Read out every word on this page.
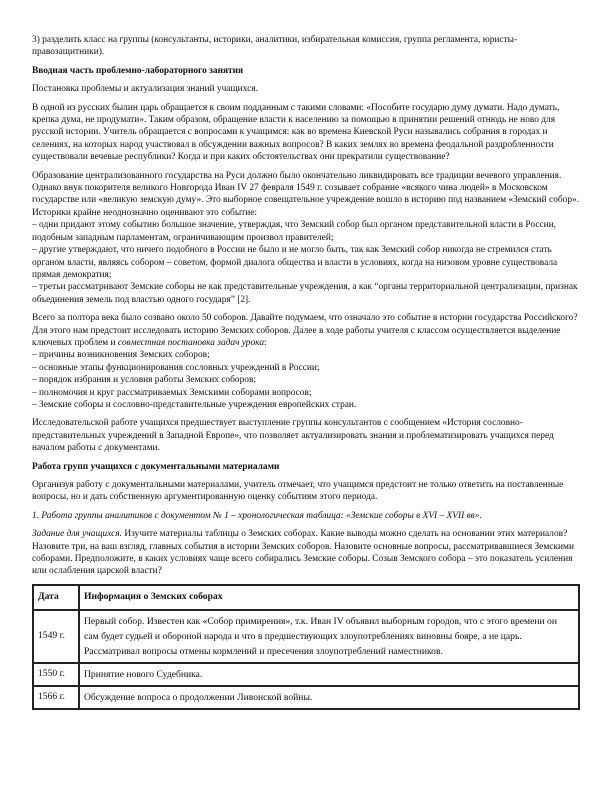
3) разделить класс на группы (консультанты, историки, аналитики, избирательная комиссия, группа регламента, юристы-правозащитники).

Вводная часть проблемно-лабораторного занятия

Постановка проблемы и актуализация знаний учащихся.

В одной из русских былин царь обращается к своим подданным с такими словами: «Пособите государю думу думати. Надо думать, крепка дума, не продумати». Таким образом, обращение власти к населению за помощью в принятии решений отнюдь не ново для русской истории. Учитель обращается с вопросами к учащимся: как во времена Киевской Руси назывались собрания в городах и селениях, на которых народ участвовал в обсуждении важных вопросов? В каких землях во времена феодальной раздробленности существовали вечевые республики? Когда и при каких обстоятельствах они прекратили существование?

Образование централизованного государства на Руси должно было окончательно ликвидировать все традиции вечевого управления. Однако внук покорителя великого Новгорода Иван IV 27 февраля 1549 г. созывает собрание «всякого чина людей» в Московском государстве или «великую земскую думу». Это выборное совещательное учреждение вошло в историю под названием «Земский собор». Историки крайне неоднозначно оценивают это событие:

– одни придают этому событию большое значение, утверждая, что Земский собор был органом представительной власти в России, подобным западным парламентам, ограничивающим произвол правителей;
– другие утверждают, что ничего подобного в России не было и не могло быть, так как Земский собор никогда не стремился стать органом власти, являясь собором – советом, формой диалога общества и власти в условиях, когда на низовом уровне существовала прямая демократия;
– третьи рассматривают Земские соборы не как представительные учреждения, а как “органы территориальной централизации, признак объединения земель под властью одного государя” [2].

Всего за полтора века было созвано около 50 соборов. Давайте подумаем, что означало это событие в истории государства Российского? Для этого нам предстоит исследовать историю Земских соборов. Далее в ходе работы учителя с классом осуществляется выделение ключевых проблем и совместная постановка задач урока:

– причины возникновения Земских соборов;
– основные этапы функционирования сословных учреждений в России;
– порядок избрания и условия работы Земских соборов;
– полномочия и круг рассматриваемых Земскими соборами вопросов;
– Земские соборы и сословно-представительные учреждения европейских стран.

Исследовательской работе учащихся предшествует выступление группы консультантов с сообщением «История сословно-представительных учреждений в Западной Европе», что позволяет актуализировать знания и проблематизировать учащихся перед началом работы с документами.

Работа групп учащихся с документальными материалами

Организуя работу с документальными материалами, учитель отмечает, что учащимся предстоит не только ответить на поставленные вопросы, но и дать собственную аргументированную оценку событиям этого периода.

1. Работа группы аналитиков с документом № 1 – хронологическая таблица: «Земские соборы в XVI – XVII вв».

Задание для учащихся. Изучите материалы таблицы о Земских соборах. Какие выводы можно сделать на основании этих материалов? Назовите три, на ваш взгляд, главных события в истории Земских соборов. Назовите основные вопросы, рассматривавшиеся Земскими соборами. Предположите, в каких условиях чаще всего собирались Земские соборы. Созыв Земского собора – это показатель усиления или ослабления царской власти?

Дата	Информация о Земских соборах
1549 г.	Первый собор. Известен как «Собор примирения», т.к. Иван IV объявил выборным городов, что с этого времени он сам будет судьей и обороной народа и что в предшествующих злоупотреблениях виновны бояре, а не царь. Рассматривал вопросы отмены кормлений и пресечения злоупотреблений наместников.
1550 г.	Принятие нового Судебника.
1566 г.	Обсуждение вопроса о продолжении Ливонской войны.
